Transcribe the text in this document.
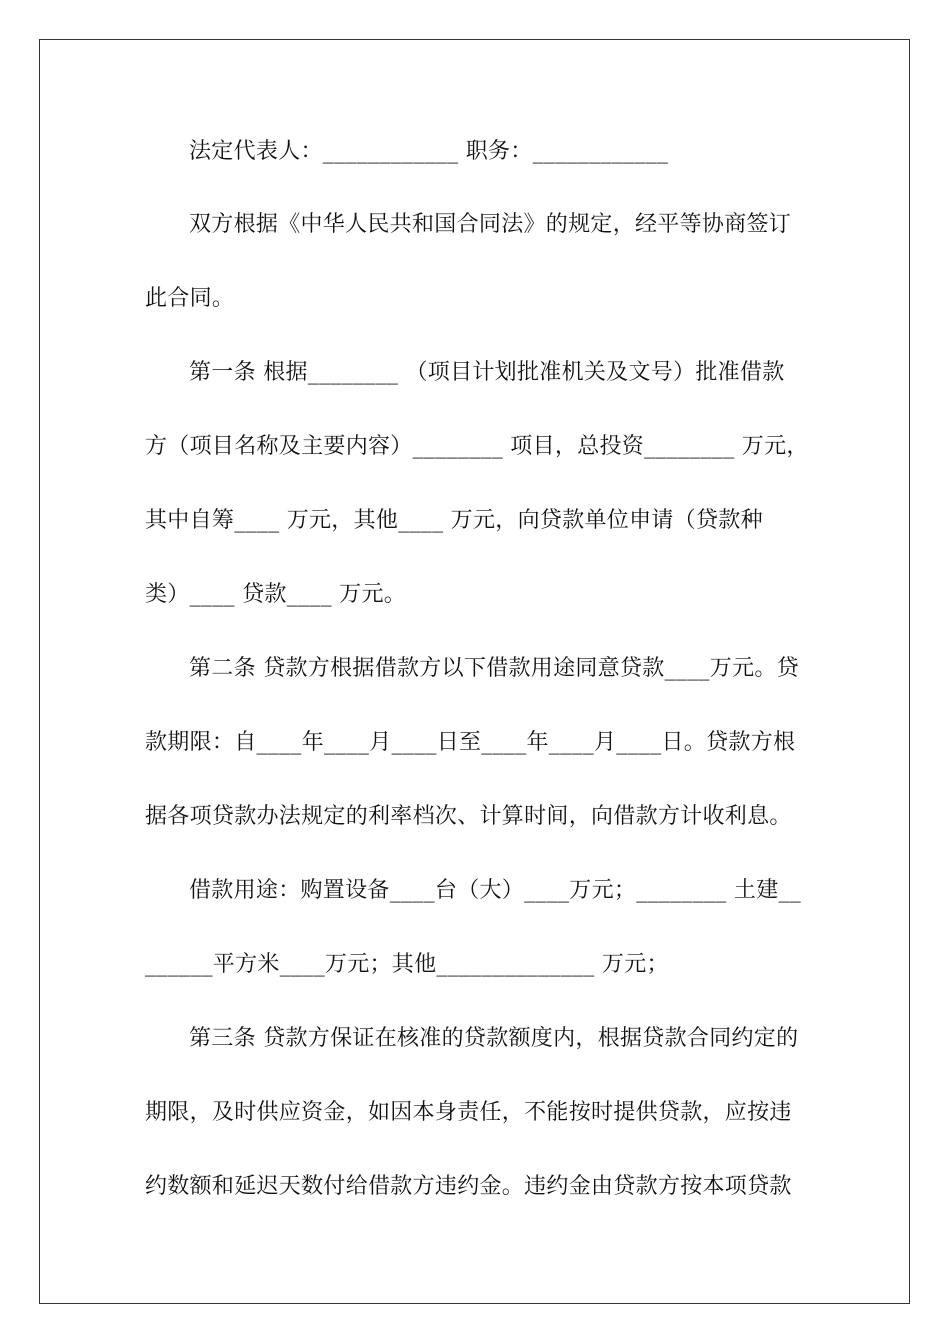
法定代表人：____________ 职务：____________
双方根据《中华人民共和国合同法》的规定，经平等协商签订
此合同。
第一条 根据________ （项目计划批准机关及文号）批准借款
方（项目名称及主要内容）________ 项目，总投资________ 万元，
其中自筹____ 万元，其他____ 万元，向贷款单位申请（贷款种
类）____ 贷款____ 万元。
第二条 贷款方根据借款方以下借款用途同意贷款____万元。贷
款期限：自____年____月____日至____年____月____日。贷款方根
据各项贷款办法规定的利率档次、计算时间，向借款方计收利息。
借款用途：购置设备____台（大）____万元；________ 土建__
______平方米____万元；其他______________ 万元；
第三条 贷款方保证在核准的贷款额度内，根据贷款合同约定的
期限，及时供应资金，如因本身责任，不能按时提供贷款，应按违
约数额和延迟天数付给借款方违约金。违约金由贷款方按本项贷款
